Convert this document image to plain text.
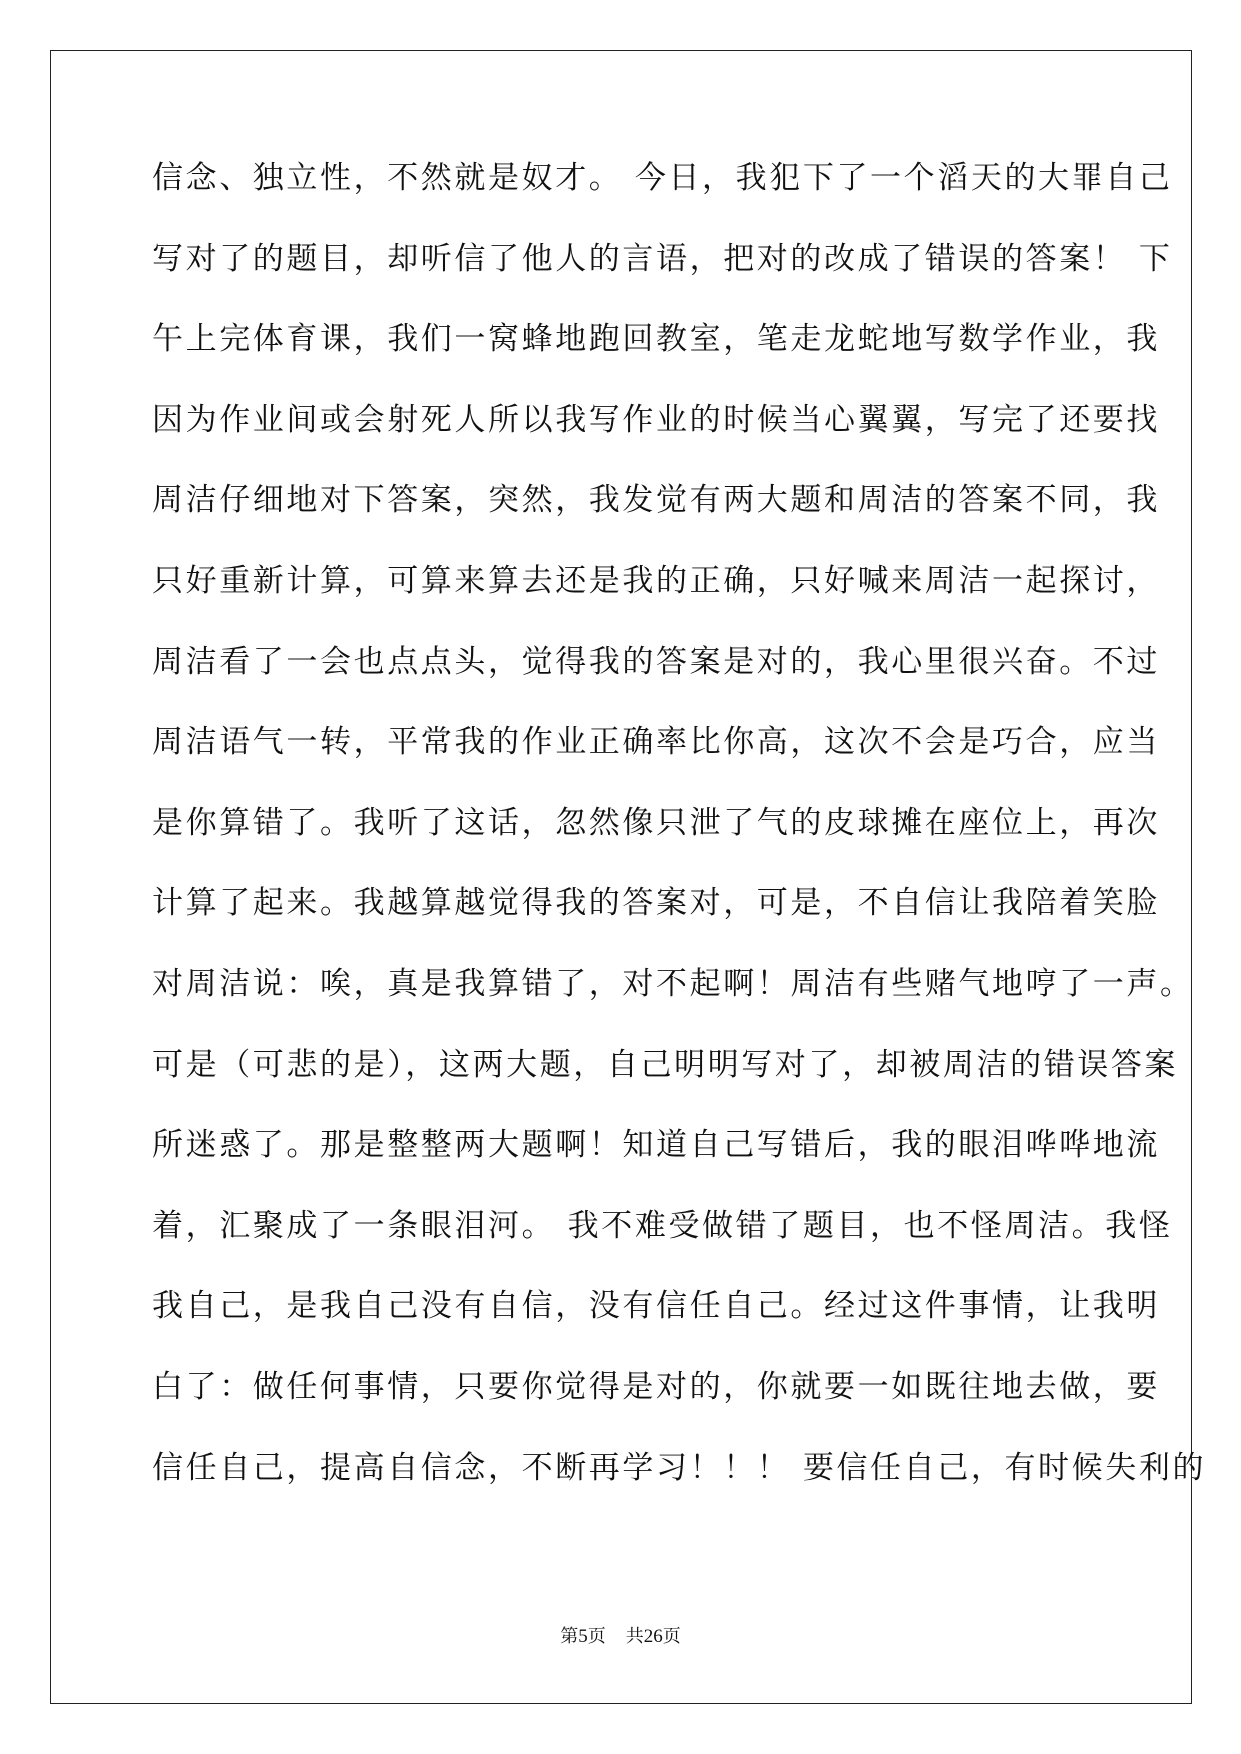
信念、独立性，不然就是奴才。 今日，我犯下了一个滔天的大罪自己
写对了的题目，却听信了他人的言语，把对的改成了错误的答案！ 下
午上完体育课，我们一窝蜂地跑回教室，笔走龙蛇地写数学作业，我
因为作业间或会射死人所以我写作业的时候当心翼翼，写完了还要找
周洁仔细地对下答案，突然，我发觉有两大题和周洁的答案不同，我
只好重新计算，可算来算去还是我的正确，只好喊来周洁一起探讨，
周洁看了一会也点点头，觉得我的答案是对的，我心里很兴奋。不过
周洁语气一转，平常我的作业正确率比你高，这次不会是巧合，应当
是你算错了。我听了这话，忽然像只泄了气的皮球摊在座位上，再次
计算了起来。我越算越觉得我的答案对，可是，不自信让我陪着笑脸
对周洁说：唉，真是我算错了，对不起啊！周洁有些赌气地哼了一声。
可是（可悲的是），这两大题，自己明明写对了，却被周洁的错误答案
所迷惑了。那是整整两大题啊！知道自己写错后，我的眼泪哗哗地流
着，汇聚成了一条眼泪河。 我不难受做错了题目，也不怪周洁。我怪
我自己，是我自己没有自信，没有信任自己。经过这件事情，让我明
白了：做任何事情，只要你觉得是对的，你就要一如既往地去做，要
信任自己，提高自信念，不断再学习！！！ 要信任自己，有时候失利的
第5页 共26页
